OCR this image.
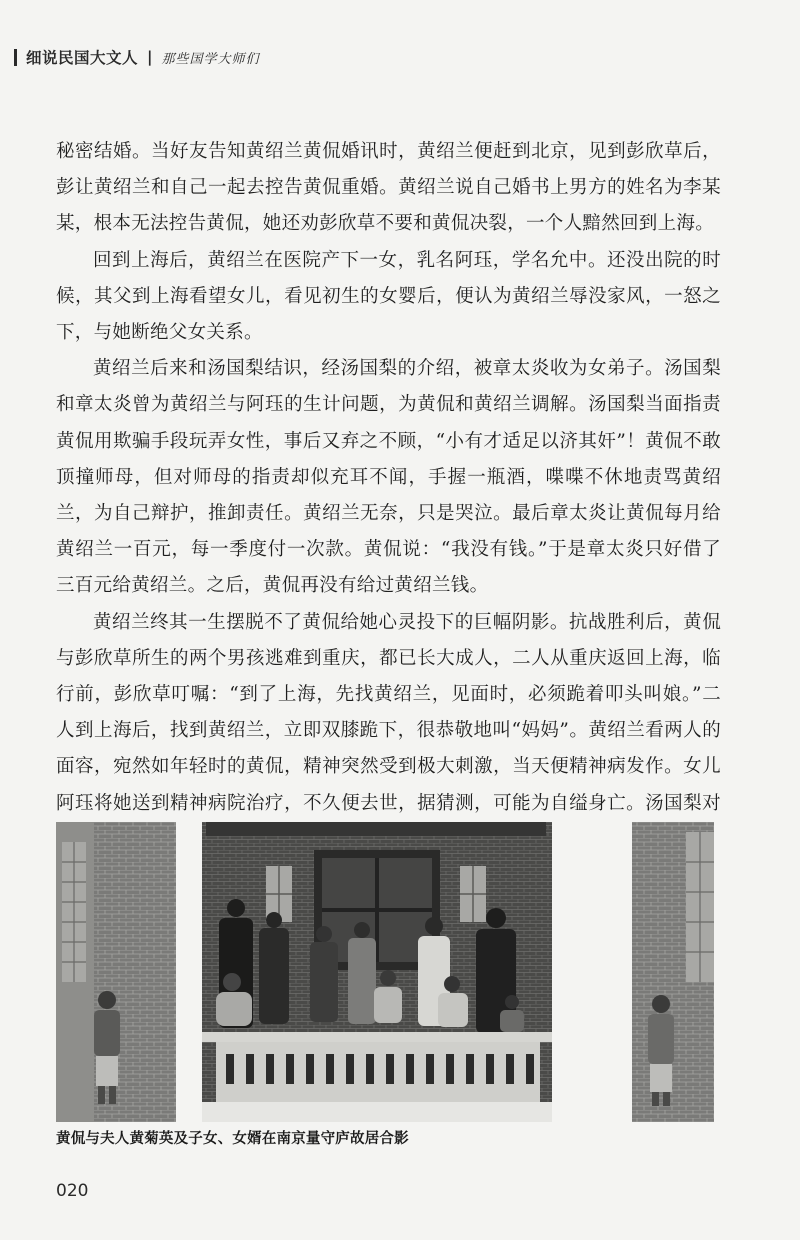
细说民国大文人 | 那些国学大师们

秘密结婚。当好友告知黄绍兰黄侃婚讯时，黄绍兰便赶到北京，见到彭欣草后，彭让黄绍兰和自己一起去控告黄侃重婚。黄绍兰说自己婚书上男方的姓名为李某某，根本无法控告黄侃，她还劝彭欣草不要和黄侃决裂，一个人黯然回到上海。

回到上海后，黄绍兰在医院产下一女，乳名阿珏，学名允中。还没出院的时候，其父到上海看望女儿，看见初生的女婴后，便认为黄绍兰辱没家风，一怒之下，与她断绝父女关系。

黄绍兰后来和汤国梨结识，经汤国梨的介绍，被章太炎收为女弟子。汤国梨和章太炎曾为黄绍兰与阿珏的生计问题，为黄侃和黄绍兰调解。汤国梨当面指责黄侃用欺骗手段玩弄女性，事后又弃之不顾，“小有才适足以济其奸”！黄侃不敢顶撞师母，但对师母的指责却似充耳不闻，手握一瓶酒，喋喋不休地责骂黄绍兰，为自己辩护，推卸责任。黄绍兰无奈，只是哭泣。最后章太炎让黄侃每月给黄绍兰一百元，每一季度付一次款。黄侃说：“我没有钱。”于是章太炎只好借了三百元给黄绍兰。之后，黄侃再没有给过黄绍兰钱。

黄绍兰终其一生摆脱不了黄侃给她心灵投下的巨幅阴影。抗战胜利后，黄侃与彭欣草所生的两个男孩逃难到重庆，都已长大成人，二人从重庆返回上海，临行前，彭欣草叮嘱：“到了上海，先找黄绍兰，见面时，必须跪着叩头叫娘。”二人到上海后，找到黄绍兰，立即双膝跪下，很恭敬地叫“妈妈”。黄绍兰看两人的面容，宛然如年轻时的黄侃，精神突然受到极大刺激，当天便精神病发作。女儿阿珏将她送到精神病院治疗，不久便去世，据猜测，可能为自缢身亡。汤国梨对

黄侃与夫人黄菊英及子女、女婿在南京量守庐故居合影
020
